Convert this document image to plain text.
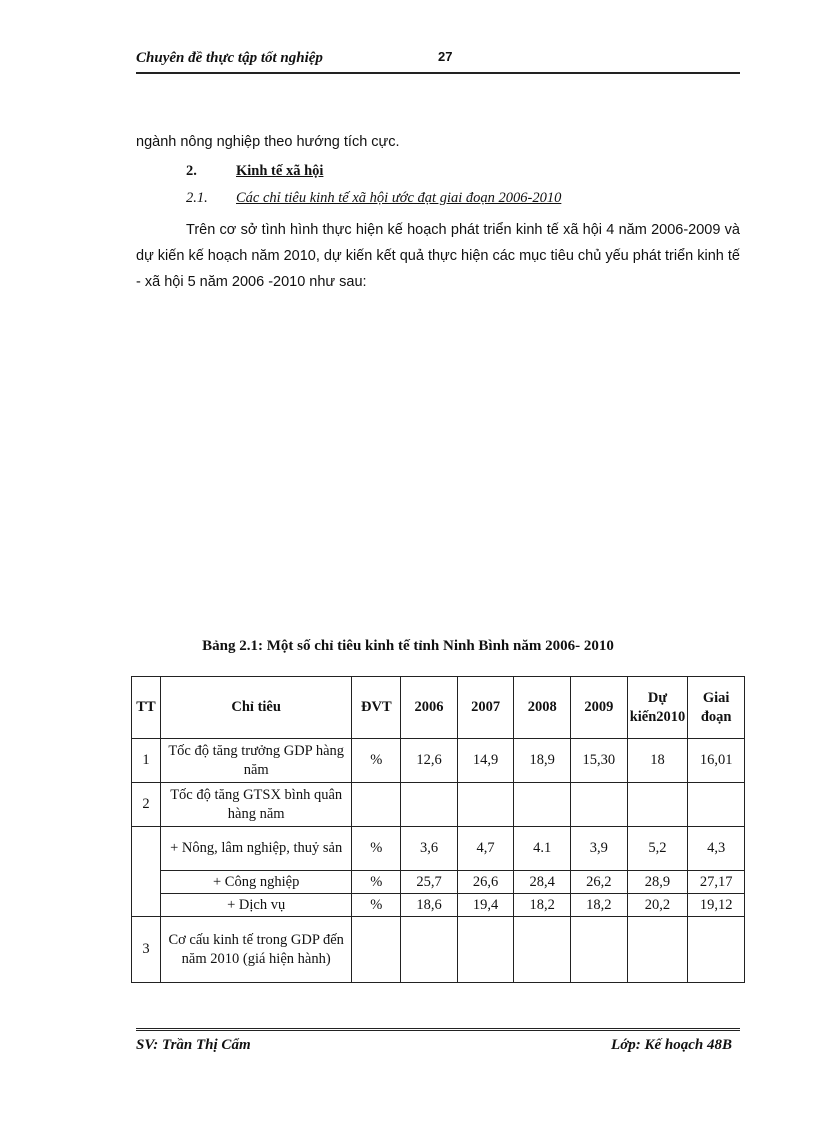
Chuyên đề thực tập tốt nghiệp	27
ngành nông nghiệp theo hướng tích cực.
2.	Kinh tế xã hội
2.1. Các chỉ tiêu kinh tế xã hội ước đạt giai đoạn 2006-2010
Trên cơ sở tình hình thực hiện kế hoạch phát triển kinh tế xã hội 4 năm 2006-2009 và dự kiến kế hoạch năm 2010, dự kiến kết quả thực hiện các mục tiêu chủ yếu phát triển kinh tế - xã hội 5 năm 2006 -2010 như sau:
Bảng 2.1: Một số chỉ tiêu kinh tế tỉnh Ninh Bình năm 2006- 2010
TT	Chỉ tiêu	ĐVT	2006	2007	2008	2009	Dự kiến2010	Giai đoạn
1	Tốc độ tăng trưởng GDP hàng năm	%	12,6	14,9	18,9	15,30	18	16,01
2	Tốc độ tăng GTSX bình quân hàng năm							
	+ Nông, lâm nghiệp, thuỷ sản	%	3,6	4,7	4.1	3,9	5,2	4,3
	+ Công nghiệp	%	25,7	26,6	28,4	26,2	28,9	27,17
	+ Dịch vụ	%	18,6	19,4	18,2	18,2	20,2	19,12
3	Cơ cấu kinh tế trong GDP đến năm 2010 (giá hiện hành)							
SV: Trần Thị Cẩm	Lớp: Kế hoạch 48B
